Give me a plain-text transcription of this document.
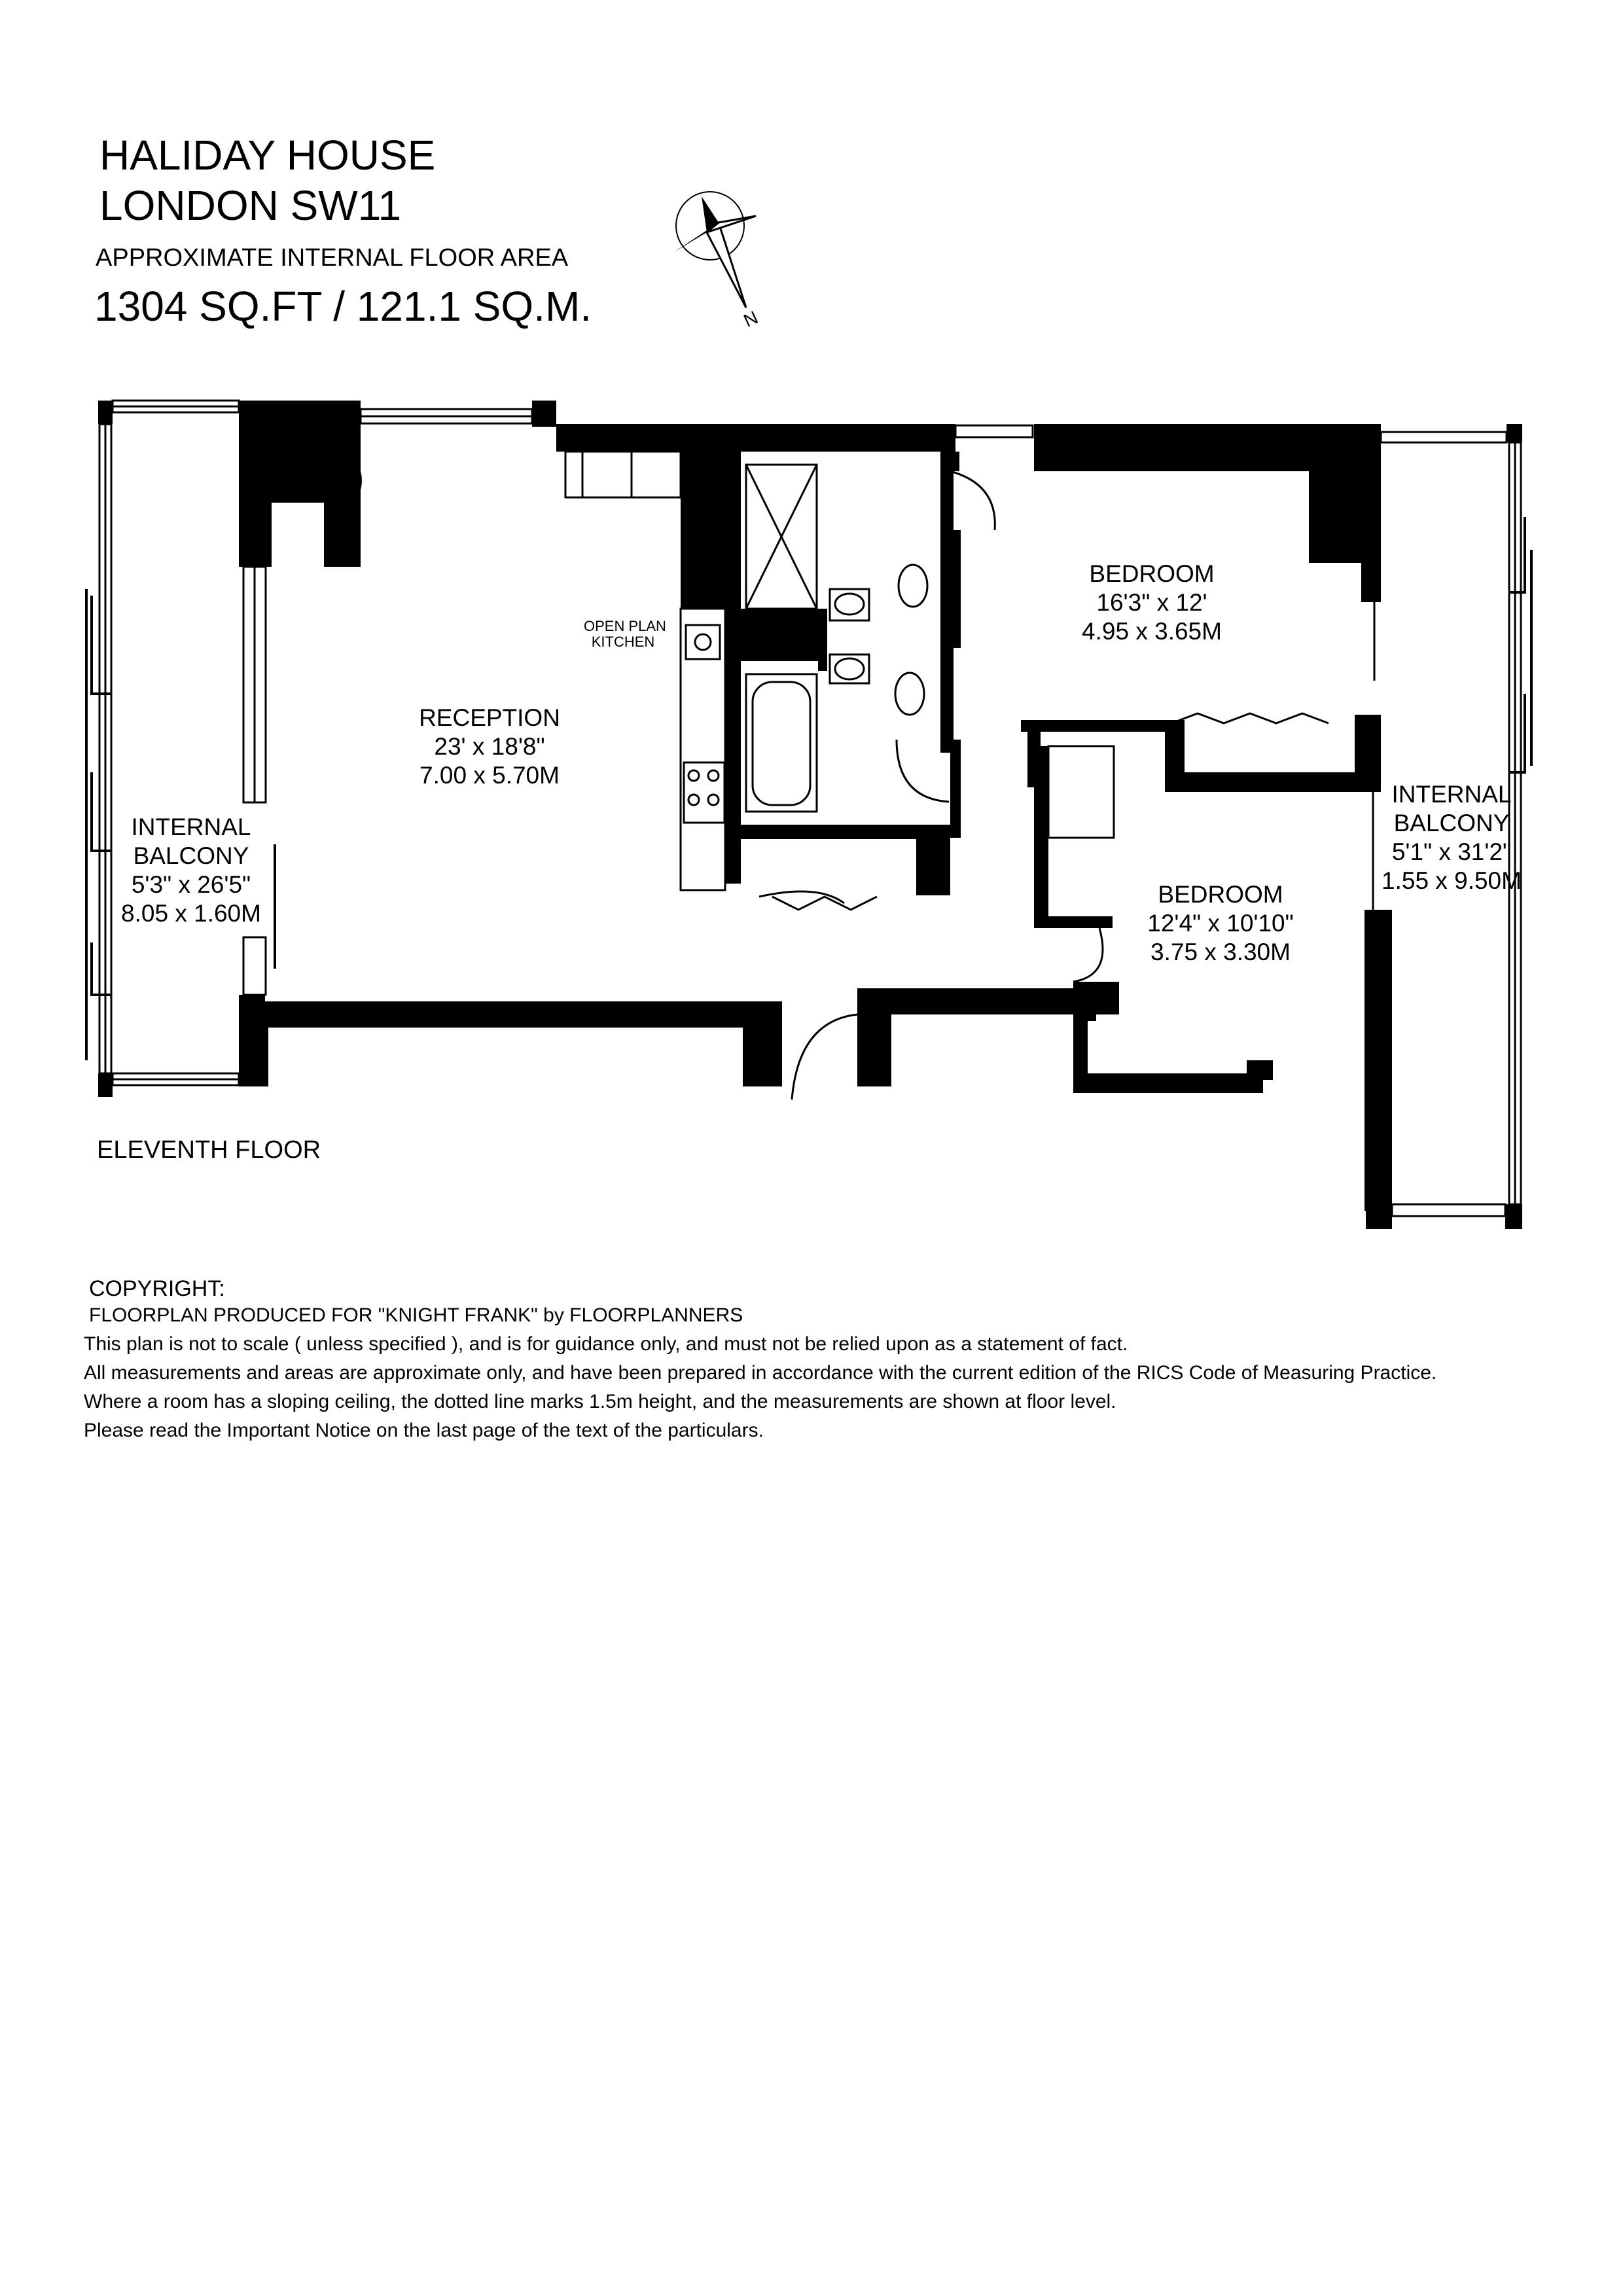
HALIDAY HOUSE
LONDON SW11
APPROXIMATE INTERNAL FLOOR AREA
1304 SQ.FT / 121.1 SQ.M.	N
OPEN PLAN
KITCHEN
RECEPTION
23' x 18'8"
7.00 x 5.70M
BEDROOM
16'3" x 12'
4.95 x 3.65M
BEDROOM
12'4" x 10'10"
3.75 x 3.30M
INTERNAL
BALCONY
5'3" x 26'5"
8.05 x 1.60M
INTERNAL
BALCONY
5'1" x 31'2"
1.55 x 9.50M
ELEVENTH FLOOR
COPYRIGHT:
FLOORPLAN PRODUCED FOR "KNIGHT FRANK" by FLOORPLANNERS
This plan is not to scale ( unless specified ), and is for guidance only, and must not be relied upon as a statement of fact.
All measurements and areas are approximate only, and have been prepared in accordance with the current edition of the RICS Code of Measuring Practice.
Where a room has a sloping ceiling, the dotted line marks 1.5m height, and the measurements are shown at floor level.
Please read the Important Notice on the last page of the text of the particulars.
